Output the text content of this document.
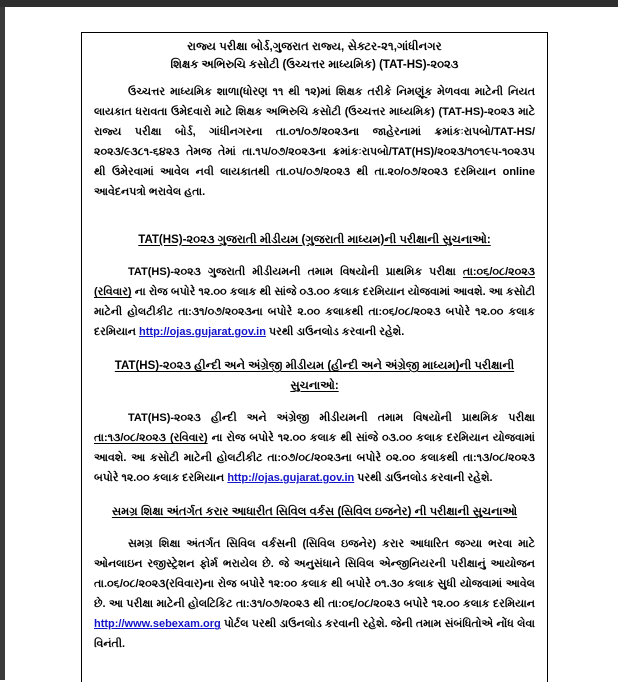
રાજ્ય પરીક્ષા બોર્ડ,ગુજરાત રાજ્ય, સેક્ટર-૨૧,ગાંધીનગર
શિક્ષક અભિરુચિ કસોટી (ઉચ્ચત્તર માધ્યમિક) (TAT-HS)-૨૦૨૩

ઉચ્ચત્તર માધ્યમિક શાળા(ધોરણ ૧૧ થી ૧૨)માં શિક્ષક તરીકે નિમણૂંક મેળવવા માટેની નિયત લાયકાત ધરાવતા ઉમેદવારો માટે શિક્ષક અભિરુચિ કસોટી (ઉચ્ચત્તર માધ્યમિક) (TAT-HS)-૨૦૨૩ માટે રાજ્ય પરીક્ષા બોર્ડ, ગાંધીનગરના તા.૦૧/૦૭/૨૦૨૩ના જાહેરનામાં ક્રમાંકઃરાપબો/TAT-HS/૨૦૨૩/૯૩૮૧-૬૪૨૩ તેમજ તેમાં તા.૧૫/૦૭/૨૦૨૩ના ક્રમાંકઃરાપબો/TAT(HS)/૨૦૨૩/૧૦૧૯૫-૧૦૨૩૫ થી ઉમેરવામાં આવેલ નવી લાયકાતથી તા.૦૫/૦૭/૨૦૨૩ થી તા.૨૦/૦૭/૨૦૨૩ દરમિયાન online આવેદનપત્રો ભરાવેલ હતા.

TAT(HS)-૨૦૨૩ ગુજરાતી મીડીયમ (ગુજરાતી માધ્યમ)ની પરીક્ષાની સુચનાઓ:

TAT(HS)-૨૦૨૩ ગુજરાતી મીડીયમની તમામ વિષયોની પ્રાથમિક પરીક્ષા તા:૦૬/૦૮/૨૦૨૩ (રવિવાર) ના રોજ બપોરે ૧૨.૦૦ કલાક થી સાંજે ૦૩.૦૦ કલાક દરમિયાન યોજવામાં આવશે. આ કસોટી માટેની હોલટીકીટ તા:૩૧/૦૭/૨૦૨૩ના બપોરે ૨.૦૦ કલાકથી તા:૦૬/૦૮/૨૦૨૩ બપોરે ૧૨.૦૦ કલાક દરમિયાન http://ojas.gujarat.gov.in પરથી ડાઉનલોડ કરવાની રહેશે.

TAT(HS)-૨૦૨૩ હીન્દી અને અંગ્રેજી મીડીયમ (હીન્દી અને અંગ્રેજી માધ્યમ)ની પરીક્ષાની
સુચનાઓ:

TAT(HS)-૨૦૨૩ હીન્દી અને અંગ્રેજી મીડીયમની તમામ વિષયોની પ્રાથમિક પરીક્ષા તા:૧૩/૦૮/૨૦૨૩ (રવિવાર) ના રોજ બપોરે ૧૨.૦૦ કલાક થી સાંજે ૦૩.૦૦ કલાક દરમિયાન યોજવામાં આવશે. આ કસોટી માટેની હોલટીકીટ તા:૦૭/૦૮/૨૦૨૩ના બપોરે ૦૨.૦૦ કલાકથી તા:૧૩/૦૮/૨૦૨૩ બપોરે ૧૨.૦૦ કલાક દરમિયાન http://ojas.gujarat.gov.in પરથી ડાઉનલોડ કરવાની રહેશે.

સમગ્ર શિક્ષા અંતર્ગત કરાર આધારીત સિવિલ વર્કસ (સિવિલ ઇજનેર) ની પરીક્ષાની સુચનાઓ

સમગ્ર શિક્ષા અંતર્ગત સિવિલ વર્કસની (સિવિલ ઇજનેર) કરાર આધારિત જગ્યા ભરવા માટે ઓનલાઇન રજીસ્ટ્રેશન ફોર્મ ભરાયેલ છે. જે અનુસંધાને સિવિલ એન્જીનિયરની પરીક્ષાનું આયોજન તા.૦૬/૦૮/૨૦૨૩(રવિવાર)ના રોજ બપોરે ૧૨:૦૦ કલાક થી બપોરે ૦૧.૩૦ કલાક સુધી યોજવામાં આવેલ છે. આ પરીક્ષા માટેની હોલટિકિટ તા:૩૧/૦૭/૨૦૨૩ થી તા:૦૬/૦૮/૨૦૨૩ બપોરે ૧૨.૦૦ કલાક દરમિયાન http://www.sebexam.org પોર્ટલ પરથી ડાઉનલોડ કરવાની રહેશે. જેની તમામ સંબંધિતોએ નોંધ લેવા વિનંતી.
